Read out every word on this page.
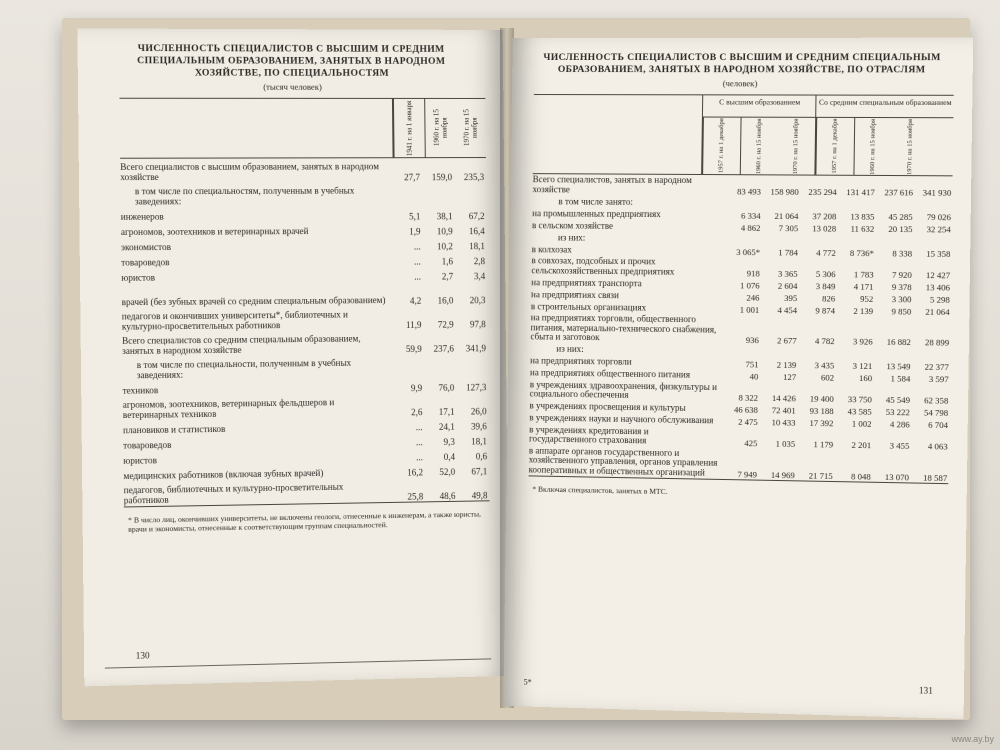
ЧИСЛЕННОСТЬ СПЕЦИАЛИСТОВ С ВЫСШИМ И СРЕДНИМ СПЕЦИАЛЬНЫМ ОБРАЗОВАНИЕМ, ЗАНЯТЫХ В НАРОДНОМ ХОЗЯЙСТВЕ, ПО СПЕЦИАЛЬНОСТЯМ
(тысяч человек)
1941 г. на 1 января	1960 г. на 15 ноября	1970 г. на 15 ноября
Всего специалистов с высшим образованием, занятых в народном хозяйстве	27,7	159,0	235,3
в том числе по специальностям, полученным в учебных заведениях:
инженеров	5,1	38,1	67,2
агрономов, зоотехников и ветеринарных врачей	1,9	10,9	16,4
экономистов	...	10,2	18,1
товароведов	...	1,6	2,8
юристов	...	2,7	3,4
врачей (без зубных врачей со средним специальным образованием)	4,2	16,0	20,3
педагогов и окончивших университеты*, библиотечных и культурно-просветительных работников	11,9	72,9	97,8
Всего специалистов со средним специальным образованием, занятых в народном хозяйстве	59,9	237,6	341,9
в том числе по специальности, полученным в учебных заведениях:
техников	9,9	76,0	127,3
агрономов, зоотехников, ветеринарных фельдшеров и ветеринарных техников	2,6	17,1	26,0
плановиков и статистиков	...	24,1	39,6
товароведов	...	9,3	18,1
юристов	...	0,4	0,6
медицинских работников (включая зубных врачей)	16,2	52,0	67,1
педагогов, библиотечных и культурно-просветительных работников	25,8	48,6	49,8
* В число лиц, окончивших университеты, не включены геологи, отнесенные к инженерам, а также юристы, врачи и экономисты, отнесенные к соответствующим группам специальностей.
130
ЧИСЛЕННОСТЬ СПЕЦИАЛИСТОВ С ВЫСШИМ И СРЕДНИМ СПЕЦИАЛЬНЫМ ОБРАЗОВАНИЕМ, ЗАНЯТЫХ В НАРОДНОМ ХОЗЯЙСТВЕ, ПО ОТРАСЛЯМ
(человек)
С высшим образованием
1957 г. на 1 декабря	1960 г. на 15 ноября	1970 г. на 15 ноября
Со средним специальным образованием
1957 г. на 1 декабря	1960 г. на 15 ноября	1970 г. на 15 ноября
Всего специалистов, занятых в народном хозяйстве	83 493	158 980	235 294	131 417	237 616	341 930
в том числе занято:
на промышленных предприятиях	6 334	21 064	37 208	13 835	45 285	79 026
в сельском хозяйстве	4 862	7 305	13 028	11 632	20 135	32 254
из них:
в колхозах	3 065*	1 784	4 772	8 736*	8 338	15 358
в совхозах, подсобных и прочих сельскохозяйственных предприятиях	918	3 365	5 306	1 783	7 920	12 427
на предприятиях транспорта	1 076	2 604	3 849	4 171	9 378	13 406
на предприятиях связи	246	395	826	952	3 300	5 298
в строительных организациях	1 001	4 454	9 874	2 139	9 850	21 064
на предприятиях торговли, общественного питания, материально-технического снабжения, сбыта и заготовок	936	2 677	4 782	3 926	16 882	28 899
из них:
на предприятиях торговли	751	2 139	3 435	3 121	13 549	22 377
на предприятиях общественного питания	40	127	602	160	1 584	3 597
в учреждениях здравоохранения, физкультуры и социального обеспечения	8 322	14 426	19 400	33 750	45 549	62 358
в учреждениях просвещения и культуры	46 638	72 401	93 188	43 585	53 222	54 798
в учреждениях науки и научного обслуживания	2 475	10 433	17 392	1 002	4 286	6 704
в учреждениях кредитования и государственного страхования	425	1 035	1 179	2 201	3 455	4 063
в аппарате органов государственного и хозяйственного управления, органов управления кооперативных и общественных организаций	7 949	14 969	21 715	8 048	13 070	18 587
* Включая специалистов, занятых в МТС.
5*
131
www.ay.by
